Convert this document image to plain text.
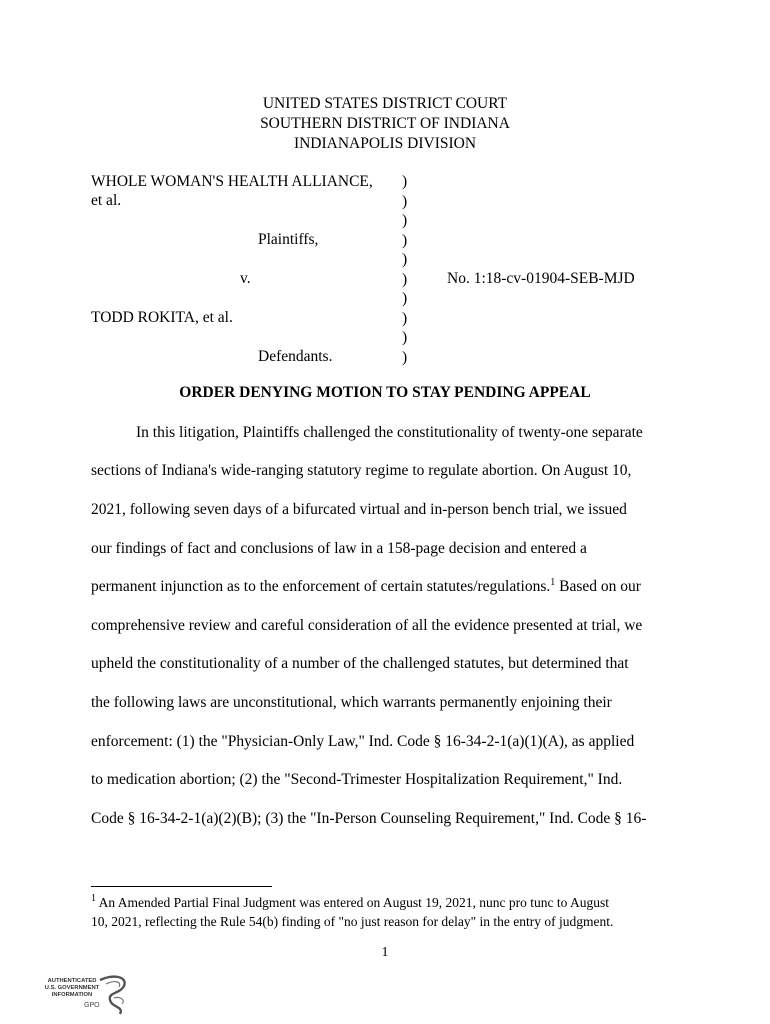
UNITED STATES DISTRICT COURT
SOUTHERN DISTRICT OF INDIANA
INDIANAPOLIS DIVISION
WHOLE WOMAN'S HEALTH ALLIANCE,
et al.
Plaintiffs,
v.
TODD ROKITA, et al.
Defendants.
)
)
)
)
)
)
)
)
)
)
No. 1:18-cv-01904-SEB-MJD
ORDER DENYING MOTION TO STAY PENDING APPEAL
In this litigation, Plaintiffs challenged the constitutionality of twenty-one separate
sections of Indiana's wide-ranging statutory regime to regulate abortion. On August 10,
2021, following seven days of a bifurcated virtual and in-person bench trial, we issued
our findings of fact and conclusions of law in a 158-page decision and entered a
permanent injunction as to the enforcement of certain statutes/regulations.$^1$ Based on our
comprehensive review and careful consideration of all the evidence presented at trial, we
upheld the constitutionality of a number of the challenged statutes, but determined that
the following laws are unconstitutional, which warrants permanently enjoining their
enforcement: (1) the "Physician-Only Law," Ind. Code § 16-34-2-1(a)(1)(A), as applied
to medication abortion; (2) the "Second-Trimester Hospitalization Requirement," Ind.
Code § 16-34-2-1(a)(2)(B); (3) the "In-Person Counseling Requirement," Ind. Code § 16-
$^1$ An Amended Partial Final Judgment was entered on August 19, 2021, nunc pro tunc to August
10, 2021, reflecting the Rule 54(b) finding of "no just reason for delay" in the entry of judgment.
1
AUTHENTICATED
U.S. GOVERNMENT
INFORMATION
GPO
